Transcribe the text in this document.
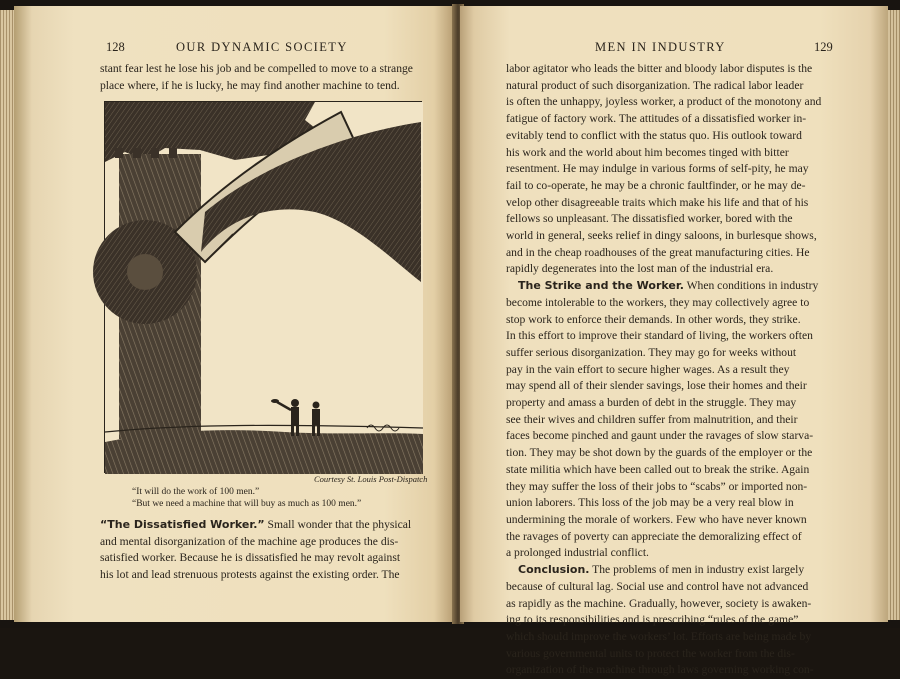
128	OUR DYNAMIC SOCIETY

stant fear lest he lose his job and be compelled to move to a strange

place where, if he is lucky, he may find another machine to tend.

Courtesy St. Louis Post-Dispatch
“It will do the work of 100 men.”
“But we need a machine that will buy as much as 100 men.”

“The Dissatisfied Worker.” Small wonder that the physical

and mental disorganization of the machine age produces the dis-

satisfied worker. Because he is dissatisfied he may revolt against

his lot and lead strenuous protests against the existing order. The

MEN IN INDUSTRY	129

labor agitator who leads the bitter and bloody labor disputes is the

natural product of such disorganization. The radical labor leader

is often the unhappy, joyless worker, a product of the monotony and

fatigue of factory work. The attitudes of a dissatisfied worker in-

evitably tend to conflict with the status quo. His outlook toward

his work and the world about him becomes tinged with bitter

resentment. He may indulge in various forms of self-pity, he may

fail to co-operate, he may be a chronic faultfinder, or he may de-

velop other disagreeable traits which make his life and that of his

fellows so unpleasant. The dissatisfied worker, bored with the

world in general, seeks relief in dingy saloons, in burlesque shows,

and in the cheap roadhouses of the great manufacturing cities. He

rapidly degenerates into the lost man of the industrial era.

The Strike and the Worker. When conditions in industry

become intolerable to the workers, they may collectively agree to

stop work to enforce their demands. In other words, they strike.

In this effort to improve their standard of living, the workers often

suffer serious disorganization. They may go for weeks without

pay in the vain effort to secure higher wages. As a result they

may spend all of their slender savings, lose their homes and their

property and amass a burden of debt in the struggle. They may

see their wives and children suffer from malnutrition, and their

faces become pinched and gaunt under the ravages of slow starva-

tion. They may be shot down by the guards of the employer or the

state militia which have been called out to break the strike. Again

they may suffer the loss of their jobs to “scabs” or imported non-

union laborers. This loss of the job may be a very real blow in

undermining the morale of workers. Few who have never known

the ravages of poverty can appreciate the demoralizing effect of

a prolonged industrial conflict.

Conclusion. The problems of men in industry exist largely

because of cultural lag. Social use and control have not advanced

as rapidly as the machine. Gradually, however, society is awaken-

ing to its responsibilities and is prescribing “rules of the game”

which should improve the workers’ lot. Efforts are being made by

various governmental units to protect the worker from the dis-

organization of the machine through laws governing working con-
